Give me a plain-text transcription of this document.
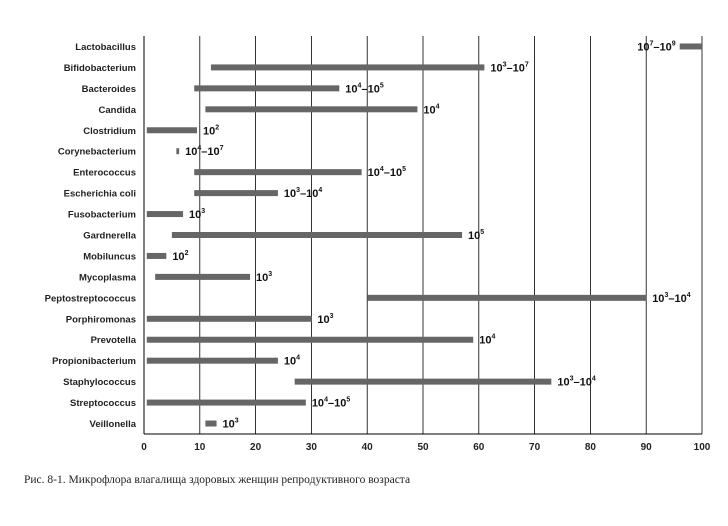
Lactobacillus
Bifidobacterium
Bacteroides
Candida
Clostridium
Corynebacterium
Enterococcus
Escherichia coli
Fusobacterium
Gardnerella
Mobiluncus
Mycoplasma
Peptostreptococcus
Porphiromonas
Prevotella
Propionibacterium
Staphylococcus
Streptococcus
Veillonella
0	10	20	30	40	50	60	70	80	90	100
$10^7-10^9$
$10^3-10^7$
$10^4-10^5$
$10^4$
$10^2$
$10^4-10^7$
$10^4-10^5$
$10^3-10^4$
$10^3$
$10^5$
$10^2$
$10^3$
$10^3-10^4$
$10^3$
$10^4$
$10^4$
$10^3-10^4$
$10^4-10^5$
$10^3$
Рис. 8-1. Микрофлора влагалища здоровых женщин репродуктивного возраста
